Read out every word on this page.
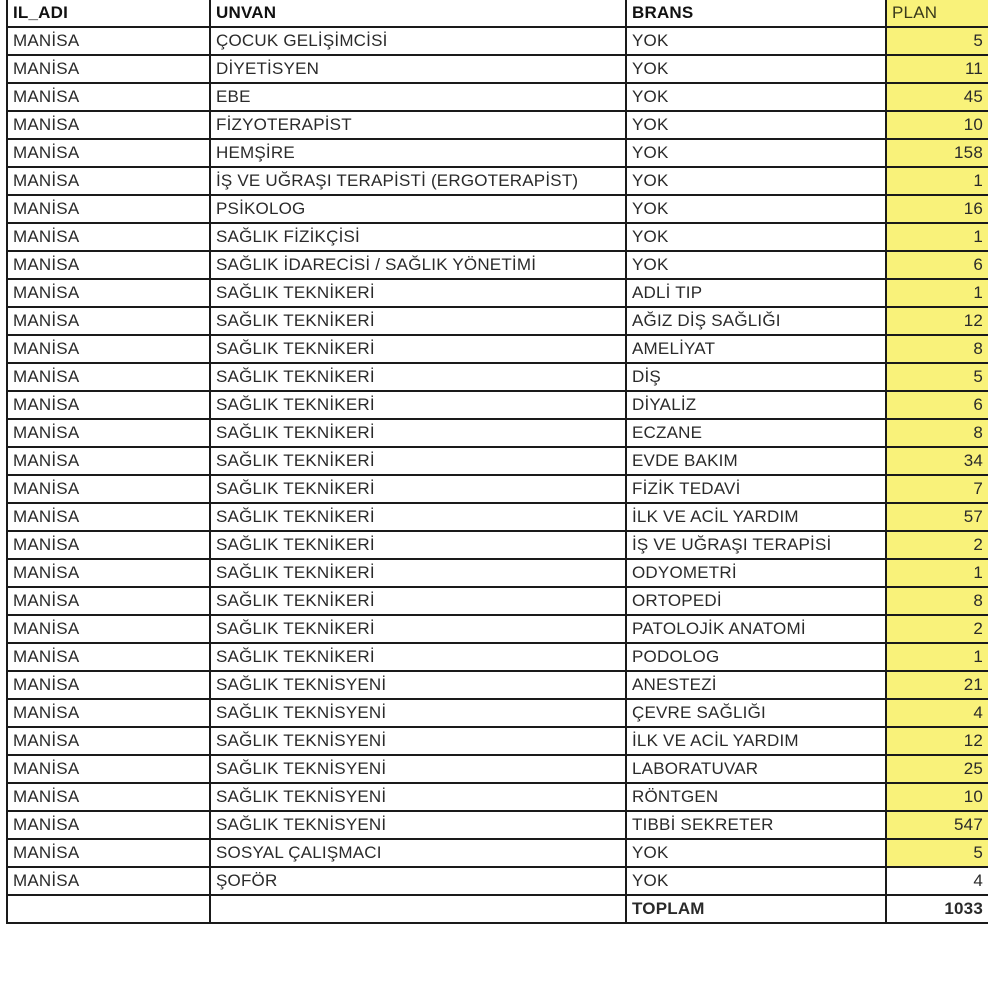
IL_ADI	UNVAN	BRANS	PLAN
MANİSA	ÇOCUK GELİŞİMCİSİ	YOK	5
MANİSA	DİYETİSYEN	YOK	11
MANİSA	EBE	YOK	45
MANİSA	FİZYOTERAPİST	YOK	10
MANİSA	HEMŞİRE	YOK	158
MANİSA	İŞ VE UĞRAŞI TERAPİSTİ (ERGOTERAPİST)	YOK	1
MANİSA	PSİKOLOG	YOK	16
MANİSA	SAĞLIK FİZİKÇİSİ	YOK	1
MANİSA	SAĞLIK İDARECİSİ / SAĞLIK YÖNETİMİ	YOK	6
MANİSA	SAĞLIK TEKNİKERİ	ADLİ TIP	1
MANİSA	SAĞLIK TEKNİKERİ	AĞIZ DİŞ SAĞLIĞI	12
MANİSA	SAĞLIK TEKNİKERİ	AMELİYAT	8
MANİSA	SAĞLIK TEKNİKERİ	DİŞ	5
MANİSA	SAĞLIK TEKNİKERİ	DİYALİZ	6
MANİSA	SAĞLIK TEKNİKERİ	ECZANE	8
MANİSA	SAĞLIK TEKNİKERİ	EVDE BAKIM	34
MANİSA	SAĞLIK TEKNİKERİ	FİZİK TEDAVİ	7
MANİSA	SAĞLIK TEKNİKERİ	İLK VE ACİL YARDIM	57
MANİSA	SAĞLIK TEKNİKERİ	İŞ VE UĞRAŞI TERAPİSİ	2
MANİSA	SAĞLIK TEKNİKERİ	ODYOMETRİ	1
MANİSA	SAĞLIK TEKNİKERİ	ORTOPEDİ	8
MANİSA	SAĞLIK TEKNİKERİ	PATOLOJİK ANATOMİ	2
MANİSA	SAĞLIK TEKNİKERİ	PODOLOG	1
MANİSA	SAĞLIK TEKNİSYENİ	ANESTEZİ	21
MANİSA	SAĞLIK TEKNİSYENİ	ÇEVRE SAĞLIĞI	4
MANİSA	SAĞLIK TEKNİSYENİ	İLK VE ACİL YARDIM	12
MANİSA	SAĞLIK TEKNİSYENİ	LABORATUVAR	25
MANİSA	SAĞLIK TEKNİSYENİ	RÖNTGEN	10
MANİSA	SAĞLIK TEKNİSYENİ	TIBBİ SEKRETER	547
MANİSA	SOSYAL ÇALIŞMACI	YOK	5
MANİSA	ŞOFÖR	YOK	4
		TOPLAM	1033
